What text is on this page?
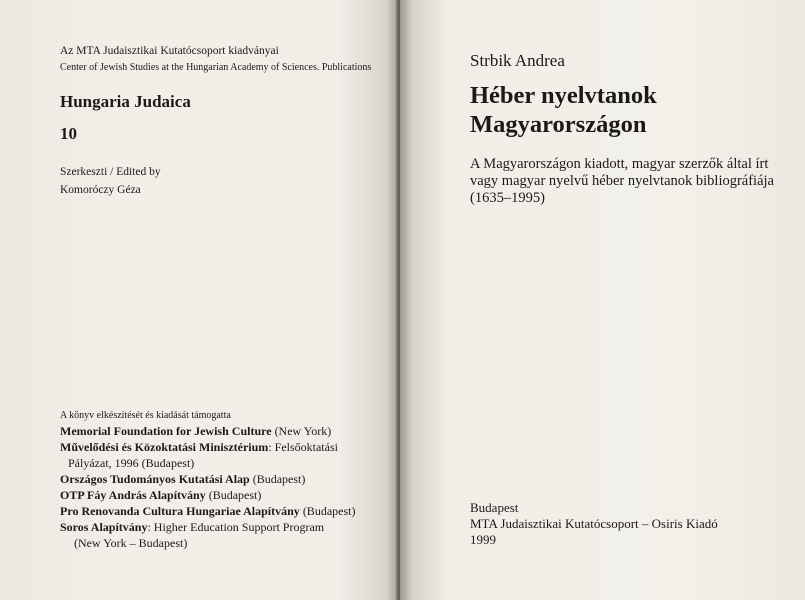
Az MTA Judaisztikai Kutatócsoport kiadványai
Center of Jewish Studies at the Hungarian Academy of Sciences. Publications
Hungaria Judaica
10
Szerkeszti / Edited by
Komoróczy Géza
A könyv elkészítését és kiadását támogatta
Memorial Foundation for Jewish Culture (New York)
Művelődési és Közoktatási Minisztérium: Felsőoktatási
Pályázat, 1996 (Budapest)
Országos Tudományos Kutatási Alap (Budapest)
OTP Fáy András Alapítvány (Budapest)
Pro Renovanda Cultura Hungariae Alapítvány (Budapest)
Soros Alapítvány: Higher Education Support Program
(New York – Budapest)
Strbik Andrea
Héber nyelvtanok
Magyarországon
A Magyarországon kiadott, magyar szerzők által írt vagy magyar nyelvű héber nyelvtanok bibliográfiája (1635–1995)
Budapest
MTA Judaisztikai Kutatócsoport – Osiris Kiadó
1999
